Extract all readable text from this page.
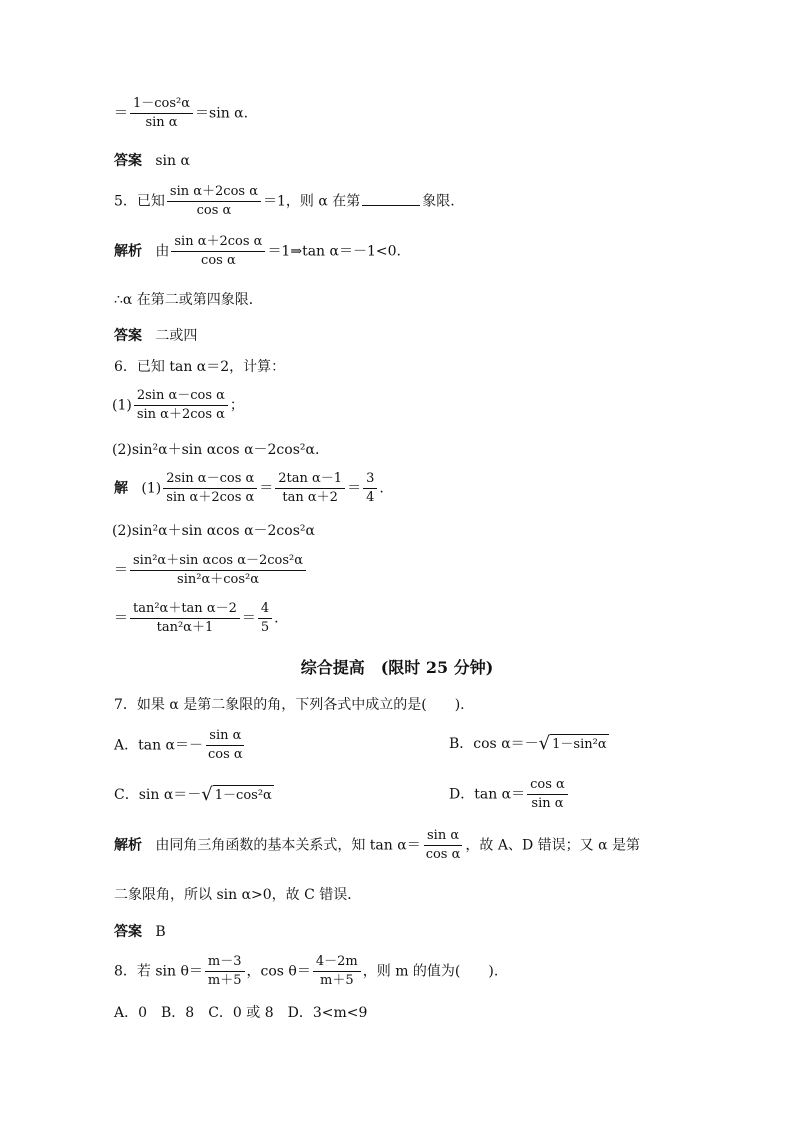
＝ $\frac{\text{1－cos²α}}{\text{sin α}} =\sin$ α.
答案 sin α
5．已知 $\frac{\text{sin α＋2cos α}}{\text{cos α}} =1$，则 α 在第	象限.
解析 由 $\frac{\text{sin α＋2cos α}}{\text{cos α}}$ ＝1⇒tan α＝－1<0.
∴α 在第二或第四象限．
答案 二或四
6．已知 tan α＝2，计算：
$(1) \frac{\text{2sin α－cos α}}{\text{sin α＋2cos α}}$ ；
(2)sin²α＋sin αcos α－2cos²α.
解 $(1) \frac{\text{2sin α－cos α}}{\text{sin α＋2cos α}} = \frac{\text{2tan α－1}}{\text{tan α＋2}} = \frac{3}{4}$ .
(2)sin²α＋sin αcos α－2cos²α
＝ $\frac{\text{sin²α＋sin αcos α－2cos²α}}{\text{sin²α＋cos²α}}$
＝ $\frac{\text{tan²α＋tan α－2}}{\text{tan²α＋1}} = \frac{4}{5}$ .
综合提高　(限时 25 分钟)
7．如果 α 是第二象限的角，下列各式中成立的是(　　).
A．$\tan \alpha=- \frac{\text{sin α}}{\text{cos α}}$	B．cos α＝－ √ 1－sin²α
C．sin α＝－ √ 1－cos²α	D．$\tan \alpha= \frac{\text{cos α}}{\text{sin α}}$
解析 由同角三角函数的基本关系式，知 $\tan \alpha= \frac{\text{sin α}}{\text{cos α}}$ ，故 A、D 错误；又 α 是第
二象限角，所以 sin α>0，故 C 错误．
答案 B
8．若 $\sin \theta= \frac{m-3}{m+5}$ ，$\cos \theta= \frac{4-2m}{m+5}$ ，则 m 的值为(　　).
A．0　B．8　C．0 或 8　D．3<m<9
